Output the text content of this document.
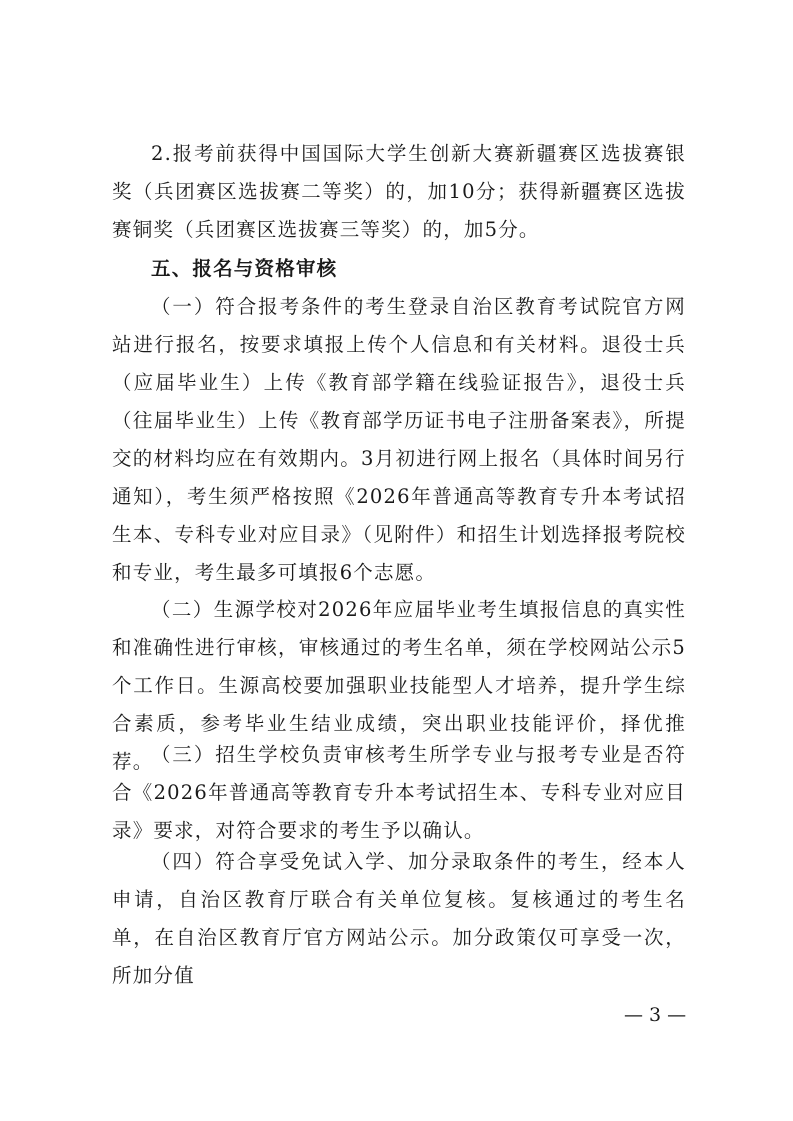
2.报考前获得中国国际大学生创新大赛新疆赛区选拔赛银奖（兵团赛区选拔赛二等奖）的，加10分；获得新疆赛区选拔赛铜奖（兵团赛区选拔赛三等奖）的，加5分。

五、报名与资格审核

（一）符合报考条件的考生登录自治区教育考试院官方网站进行报名，按要求填报上传个人信息和有关材料。退役士兵（应届毕业生）上传《教育部学籍在线验证报告》，退役士兵（往届毕业生）上传《教育部学历证书电子注册备案表》，所提交的材料均应在有效期内。3月初进行网上报名（具体时间另行通知），考生须严格按照《2026年普通高等教育专升本考试招生本、专科专业对应目录》（见附件）和招生计划选择报考院校和专业，考生最多可填报6个志愿。

（二）生源学校对2026年应届毕业考生填报信息的真实性和准确性进行审核，审核通过的考生名单，须在学校网站公示5个工作日。生源高校要加强职业技能型人才培养，提升学生综合素质，参考毕业生结业成绩，突出职业技能评价，择优推荐。

（三）招生学校负责审核考生所学专业与报考专业是否符合《2026年普通高等教育专升本考试招生本、专科专业对应目录》要求，对符合要求的考生予以确认。

（四）符合享受免试入学、加分录取条件的考生，经本人申请，自治区教育厅联合有关单位复核。复核通过的考生名单，在自治区教育厅官方网站公示。加分政策仅可享受一次，所加分值

— 3 —
